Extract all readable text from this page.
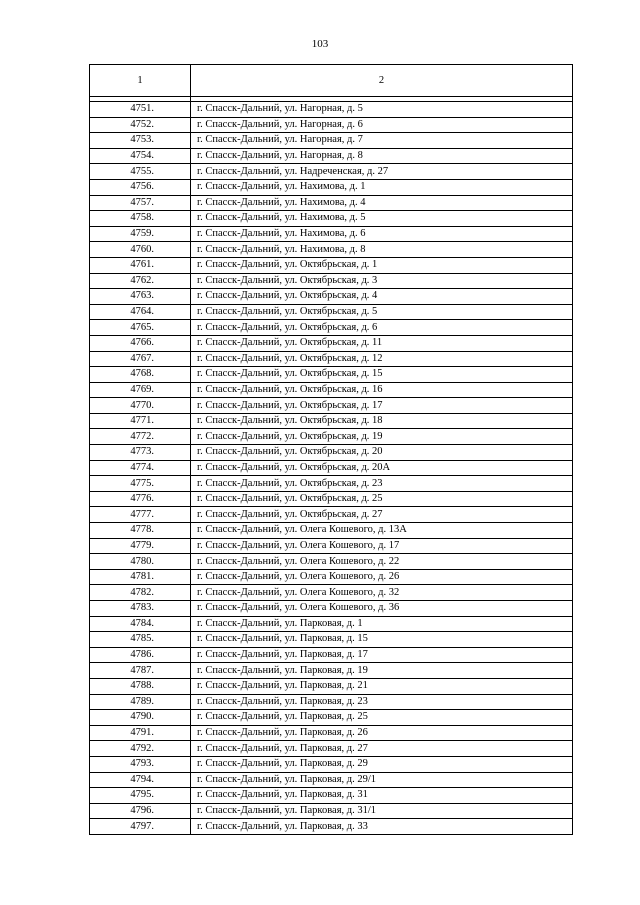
103
1	2

4751.	г. Спасск-Дальний, ул. Нагорная, д. 5
4752.	г. Спасск-Дальний, ул. Нагорная, д. 6
4753.	г. Спасск-Дальний, ул. Нагорная, д. 7
4754.	г. Спасск-Дальний, ул. Нагорная, д. 8
4755.	г. Спасск-Дальний, ул. Надреченская, д. 27
4756.	г. Спасск-Дальний, ул. Нахимова, д. 1
4757.	г. Спасск-Дальний, ул. Нахимова, д. 4
4758.	г. Спасск-Дальний, ул. Нахимова, д. 5
4759.	г. Спасск-Дальний, ул. Нахимова, д. 6
4760.	г. Спасск-Дальний, ул. Нахимова, д. 8
4761.	г. Спасск-Дальний, ул. Октябрьская, д. 1
4762.	г. Спасск-Дальний, ул. Октябрьская, д. 3
4763.	г. Спасск-Дальний, ул. Октябрьская, д. 4
4764.	г. Спасск-Дальний, ул. Октябрьская, д. 5
4765.	г. Спасск-Дальний, ул. Октябрьская, д. 6
4766.	г. Спасск-Дальний, ул. Октябрьская, д. 11
4767.	г. Спасск-Дальний, ул. Октябрьская, д. 12
4768.	г. Спасск-Дальний, ул. Октябрьская, д. 15
4769.	г. Спасск-Дальний, ул. Октябрьская, д. 16
4770.	г. Спасск-Дальний, ул. Октябрьская, д. 17
4771.	г. Спасск-Дальний, ул. Октябрьская, д. 18
4772.	г. Спасск-Дальний, ул. Октябрьская, д. 19
4773.	г. Спасск-Дальний, ул. Октябрьская, д. 20
4774.	г. Спасск-Дальний, ул. Октябрьская, д. 20А
4775.	г. Спасск-Дальний, ул. Октябрьская, д. 23
4776.	г. Спасск-Дальний, ул. Октябрьская, д. 25
4777.	г. Спасск-Дальний, ул. Октябрьская, д. 27
4778.	г. Спасск-Дальний, ул. Олега Кошевого, д. 13А
4779.	г. Спасск-Дальний, ул. Олега Кошевого, д. 17
4780.	г. Спасск-Дальний, ул. Олега Кошевого, д. 22
4781.	г. Спасск-Дальний, ул. Олега Кошевого, д. 26
4782.	г. Спасск-Дальний, ул. Олега Кошевого, д. 32
4783.	г. Спасск-Дальний, ул. Олега Кошевого, д. 36
4784.	г. Спасск-Дальний, ул. Парковая, д. 1
4785.	г. Спасск-Дальний, ул. Парковая, д. 15
4786.	г. Спасск-Дальний, ул. Парковая, д. 17
4787.	г. Спасск-Дальний, ул. Парковая, д. 19
4788.	г. Спасск-Дальний, ул. Парковая, д. 21
4789.	г. Спасск-Дальний, ул. Парковая, д. 23
4790.	г. Спасск-Дальний, ул. Парковая, д. 25
4791.	г. Спасск-Дальний, ул. Парковая, д. 26
4792.	г. Спасск-Дальний, ул. Парковая, д. 27
4793.	г. Спасск-Дальний, ул. Парковая, д. 29
4794.	г. Спасск-Дальний, ул. Парковая, д. 29/1
4795.	г. Спасск-Дальний, ул. Парковая, д. 31
4796.	г. Спасск-Дальний, ул. Парковая, д. 31/1
4797.	г. Спасск-Дальний, ул. Парковая, д. 33
